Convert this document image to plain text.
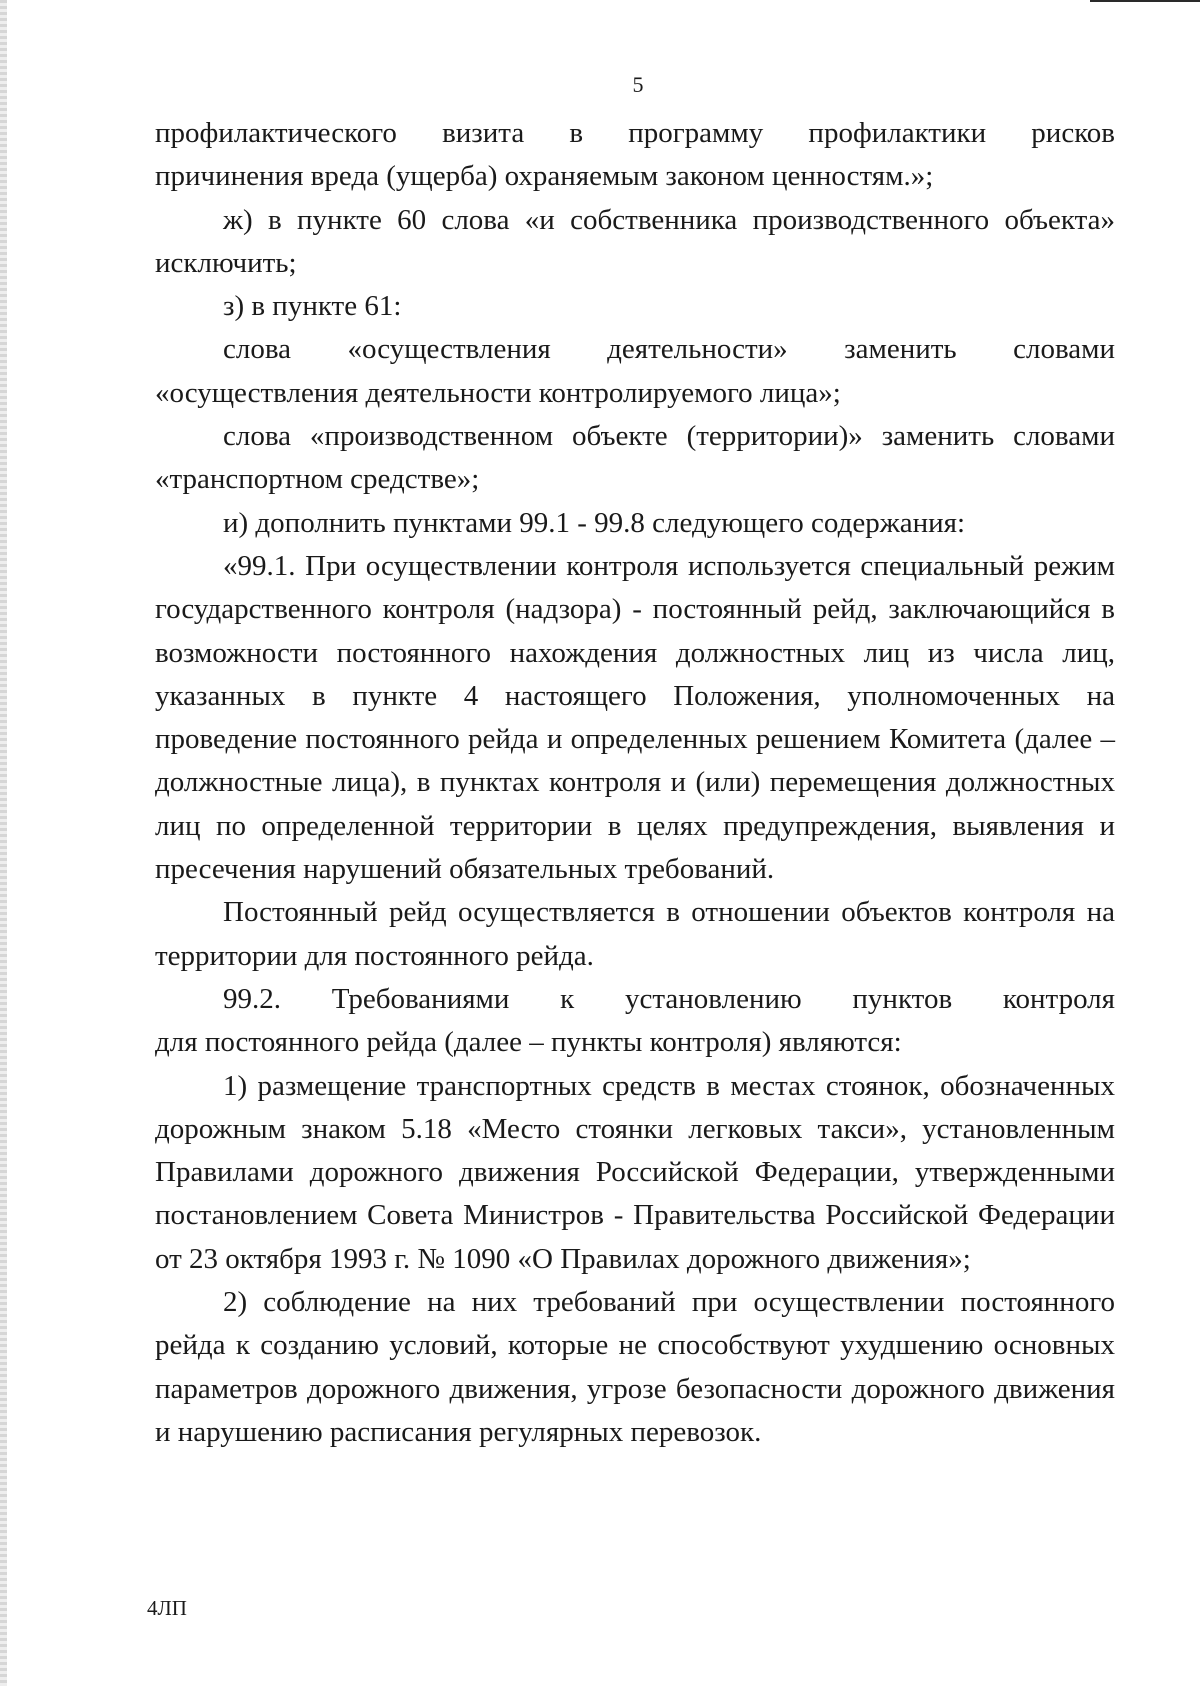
5

профилактического визита в программу профилактики рисков

причинения вреда (ущерба) охраняемым законом ценностям.»;

ж) в пункте 60 слова «и собственника производственного объекта» исключить;

з) в пункте 61:

слова «осуществления деятельности» заменить словами

«осуществления деятельности контролируемого лица»;

слова «производственном объекте (территории)» заменить словами «транспортном средстве»;

и) дополнить пунктами 99.1 - 99.8 следующего содержания:

«99.1. При осуществлении контроля используется специальный режим государственного контроля (надзора) - постоянный рейд, заключающийся в возможности постоянного нахождения должностных лиц из числа лиц, указанных в пункте 4 настоящего Положения, уполномоченных на проведение постоянного рейда и определенных решением Комитета (далее – должностные лица), в пунктах контроля и (или) перемещения должностных лиц по определенной территории в целях предупреждения, выявления и пресечения нарушений обязательных требований.

Постоянный рейд осуществляется в отношении объектов контроля на территории для постоянного рейда.

99.2. Требованиями к установлению пунктов контроля

для постоянного рейда (далее – пункты контроля) являются:

1) размещение транспортных средств в местах стоянок, обозначенных дорожным знаком 5.18 «Место стоянки легковых такси», установленным Правилами дорожного движения Российской Федерации, утвержденными постановлением Совета Министров - Правительства Российской Федерации от 23 октября 1993 г. № 1090 «О Правилах дорожного движения»;

2) соблюдение на них требований при осуществлении постоянного рейда к созданию условий, которые не способствуют ухудшению основных параметров дорожного движения, угрозе безопасности дорожного движения и нарушению расписания регулярных перевозок.

4ЛП
